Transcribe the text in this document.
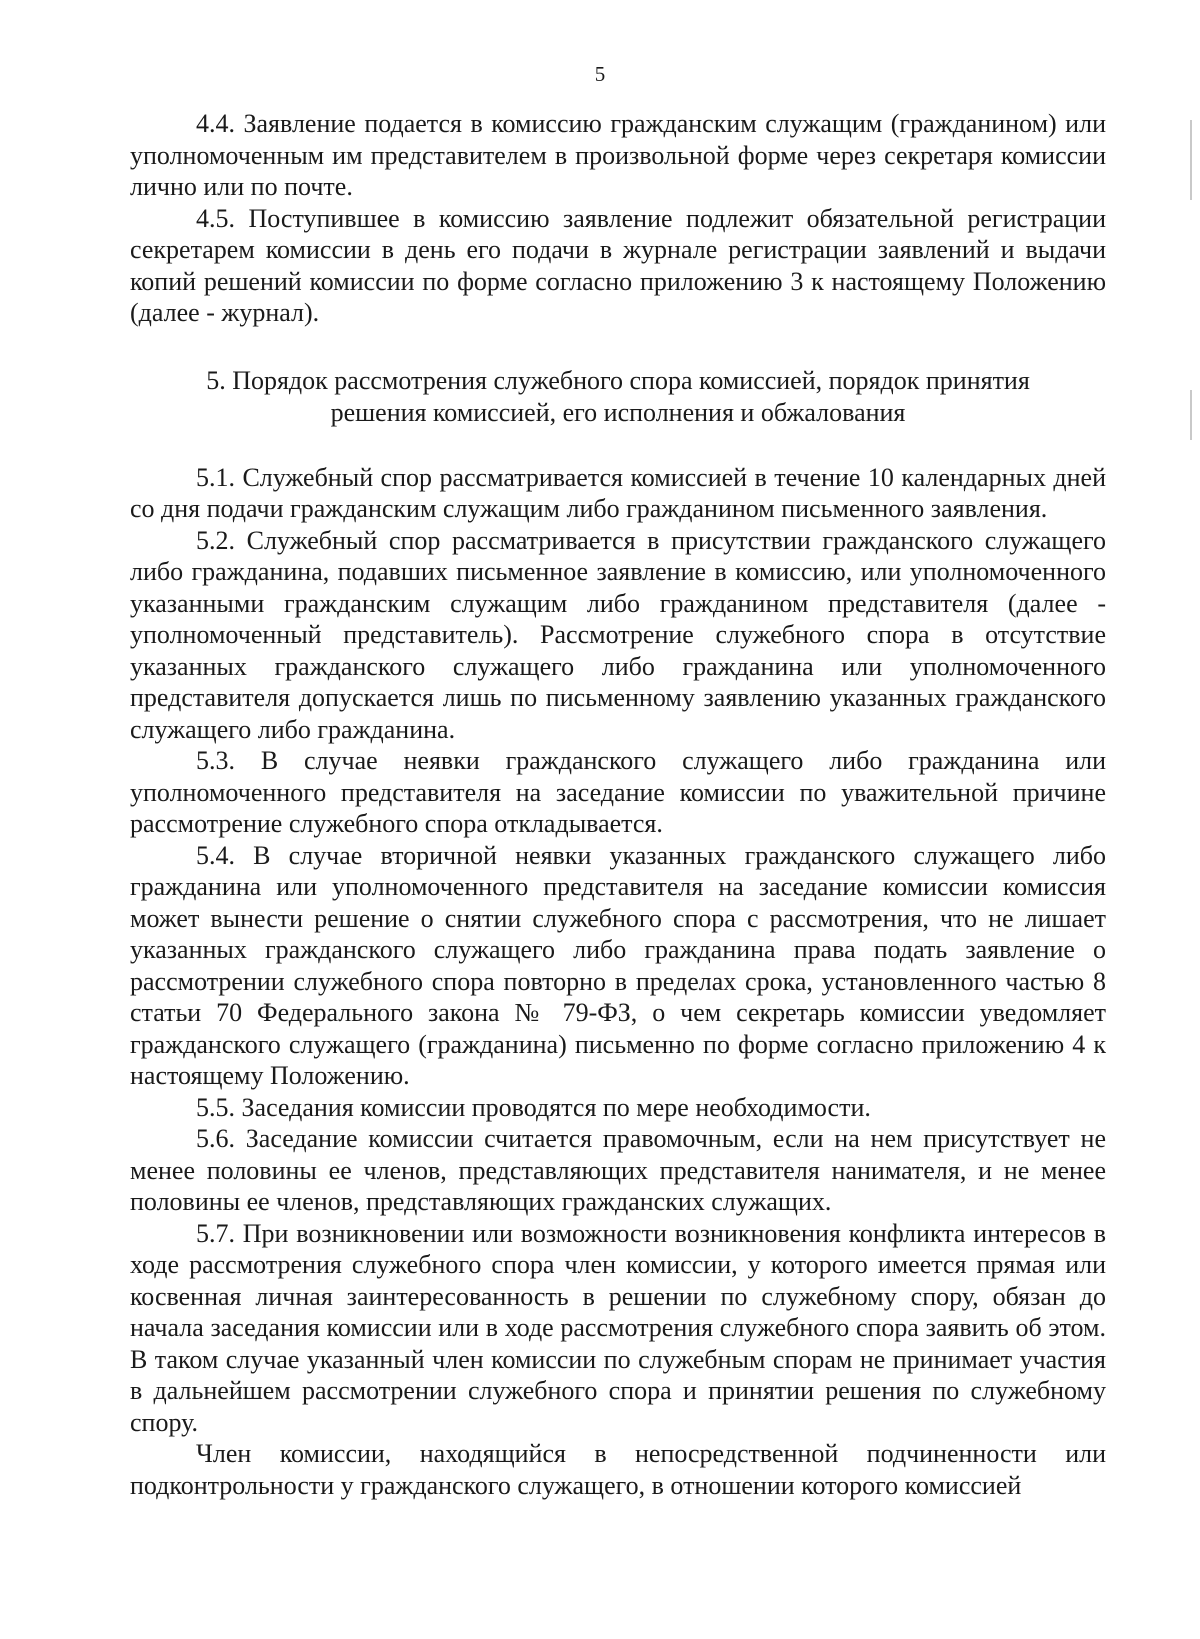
5

4.4. Заявление подается в комиссию гражданским служащим (гражданином) или уполномоченным им представителем в произвольной форме через секретаря комиссии лично или по почте.

4.5. Поступившее в комиссию заявление подлежит обязательной регистрации секретарем комиссии в день его подачи в журнале регистрации заявлений и выдачи копий решений комиссии по форме согласно приложению 3 к настоящему Положению (далее - журнал).

5. Порядок рассмотрения служебного спора комиссией, порядок принятия решения комиссией, его исполнения и обжалования

5.1. Служебный спор рассматривается комиссией в течение 10 календарных дней со дня подачи гражданским служащим либо гражданином письменного заявления.

5.2. Служебный спор рассматривается в присутствии гражданского служащего либо гражданина, подавших письменное заявление в комиссию, или уполномоченного указанными гражданским служащим либо гражданином представителя (далее - уполномоченный представитель). Рассмотрение служебного спора в отсутствие указанных гражданского служащего либо гражданина или уполномоченного представителя допускается лишь по письменному заявлению указанных гражданского служащего либо гражданина.

5.3. В случае неявки гражданского служащего либо гражданина или уполномоченного представителя на заседание комиссии по уважительной причине рассмотрение служебного спора откладывается.

5.4. В случае вторичной неявки указанных гражданского служащего либо гражданина или уполномоченного представителя на заседание комиссии комиссия может вынести решение о снятии служебного спора с рассмотрения, что не лишает указанных гражданского служащего либо гражданина права подать заявление о рассмотрении служебного спора повторно в пределах срока, установленного частью 8 статьи 70 Федерального закона № 79-ФЗ, о чем секретарь комиссии уведомляет гражданского служащего (гражданина) письменно по форме согласно приложению 4 к настоящему Положению.

5.5. Заседания комиссии проводятся по мере необходимости.

5.6. Заседание комиссии считается правомочным, если на нем присутствует не менее половины ее членов, представляющих представителя нанимателя, и не менее половины ее членов, представляющих гражданских служащих.

5.7. При возникновении или возможности возникновения конфликта интересов в ходе рассмотрения служебного спора член комиссии, у которого имеется прямая или косвенная личная заинтересованность в решении по служебному спору, обязан до начала заседания комиссии или в ходе рассмотрения служебного спора заявить об этом. В таком случае указанный член комиссии по служебным спорам не принимает участия в дальнейшем рассмотрении служебного спора и принятии решения по служебному спору.

Член комиссии, находящийся в непосредственной подчиненности или подконтрольности у гражданского служащего, в отношении которого комиссией
